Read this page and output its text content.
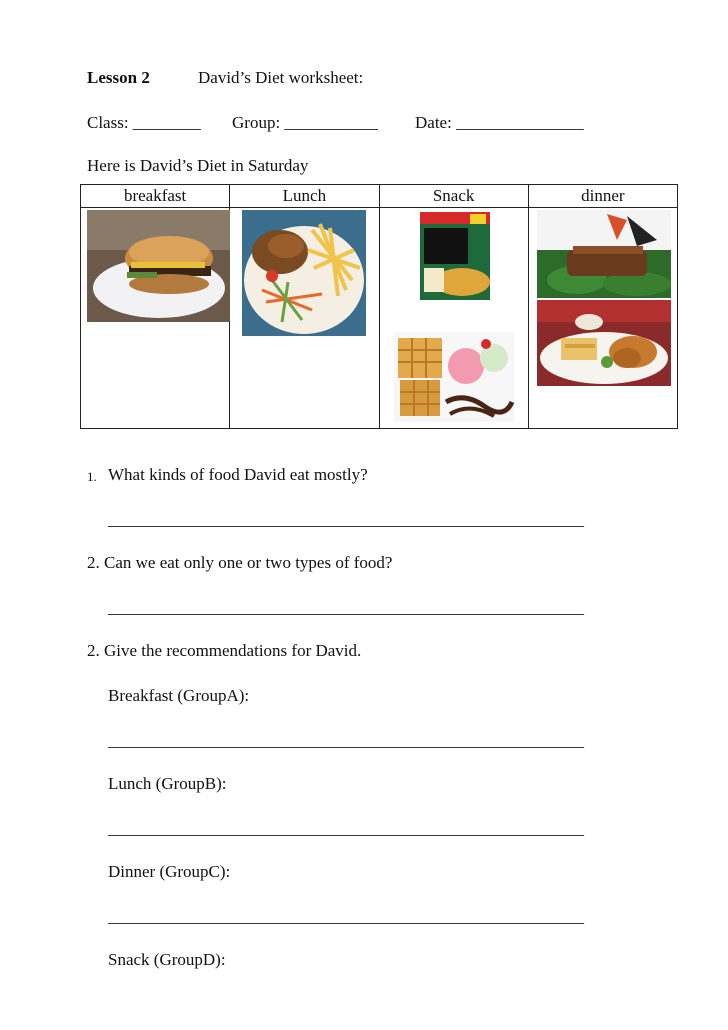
Lesson 2	David’s Diet worksheet:
Class: ________ Group: ___________ Date: _______________
Here is David’s Diet in Saturday
breakfast	Lunch	Snack	dinner

1. What kinds of food David eat mostly?
________________________________________________________
2. Can we eat only one or two types of food?
________________________________________________________
2. Give the recommendations for David.
Breakfast (GroupA):
________________________________________________________
Lunch (GroupB):
________________________________________________________
Dinner (GroupC):
________________________________________________________
Snack (GroupD):
